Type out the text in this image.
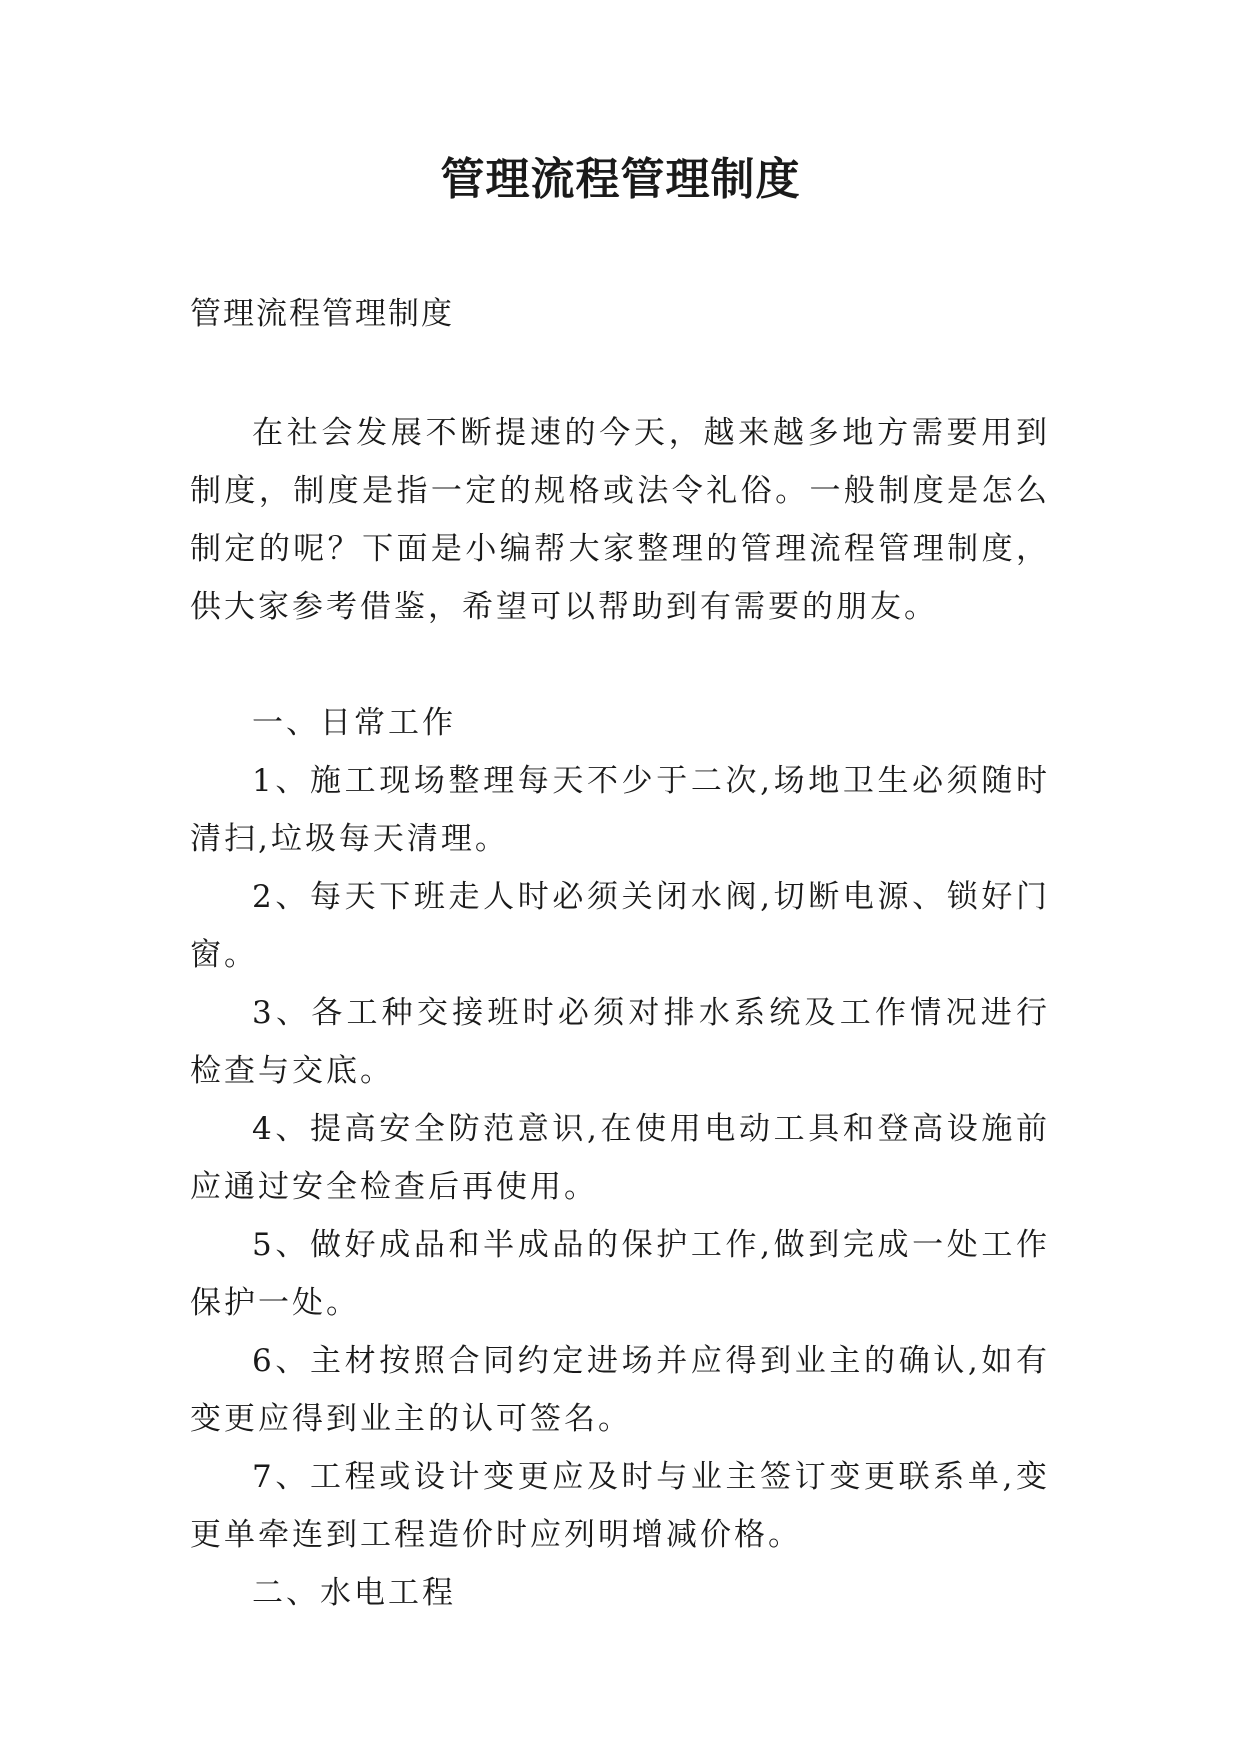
管理流程管理制度

管理流程管理制度

在社会发展不断提速的今天，越来越多地方需要用到制度，制度是指一定的规格或法令礼俗。一般制度是怎么制定的呢？下面是小编帮大家整理的管理流程管理制度，供大家参考借鉴，希望可以帮助到有需要的朋友。

一、日常工作

1、施工现场整理每天不少于二次,场地卫生必须随时清扫,垃圾每天清理。

2、每天下班走人时必须关闭水阀,切断电源、锁好门窗。

3、各工种交接班时必须对排水系统及工作情况进行检查与交底。

4、提高安全防范意识,在使用电动工具和登高设施前应通过安全检查后再使用。

5、做好成品和半成品的保护工作,做到完成一处工作保护一处。

6、主材按照合同约定进场并应得到业主的确认,如有变更应得到业主的认可签名。

7、工程或设计变更应及时与业主签订变更联系单,变更单牵连到工程造价时应列明增减价格。

二、水电工程
